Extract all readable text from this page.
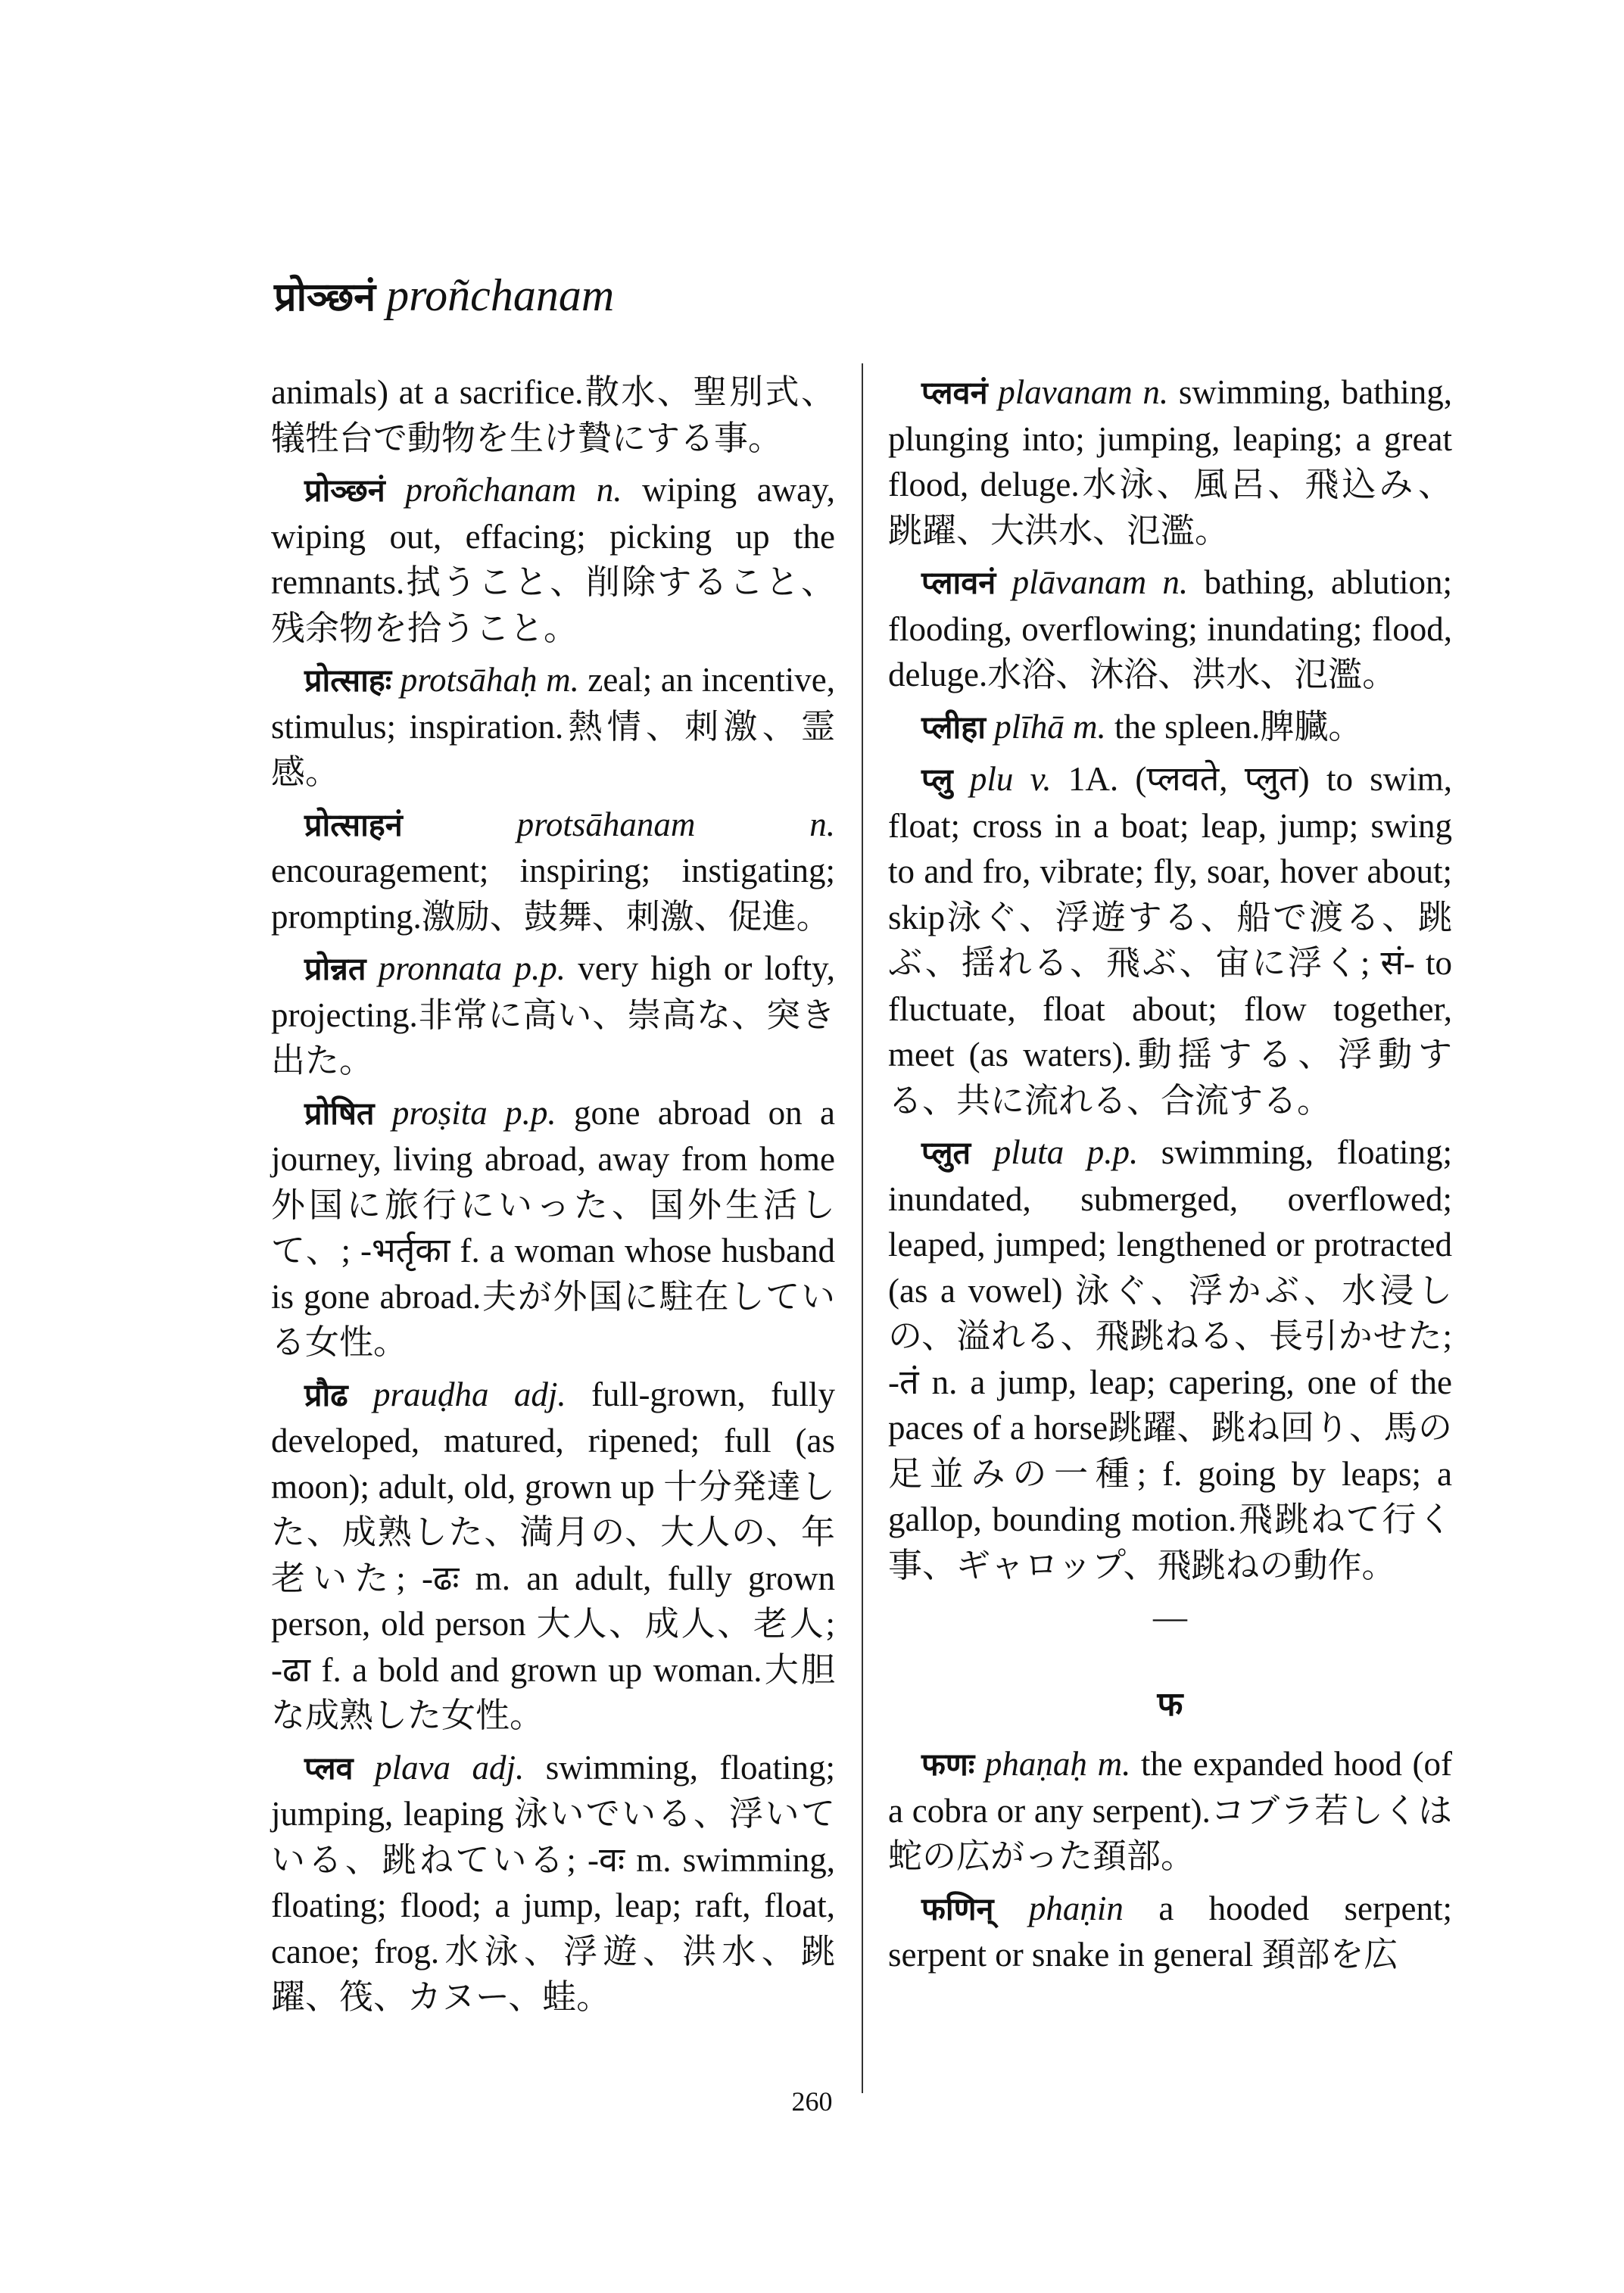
प्रोञ्छनं proñchanam

animals) at a sacrifice.散水、聖別式、犠牲台で動物を生け贄にする事。

प्रोञ्छनं proñchanam n. wiping away, wiping out, effacing; picking up the remnants.拭うこと、削除すること、残余物を拾うこと。

प्रोत्साहः protsāhaḥ m. zeal; an incentive, stimulus; inspiration.熱情、刺激、霊感。

प्रोत्साहनं	protsāhanam n. encouragement; inspiring; instigating; prompting.激励、鼓舞、刺激、促進。

प्रोन्नत pronnata p.p. very high or lofty, projecting.非常に高い、崇高な、突き出た。

प्रोषित proṣita p.p. gone abroad on a journey, living abroad, away from home 外国に旅行にいった、国外生活して、; -भर्तृका f. a woman whose husband is gone abroad.夫が外国に駐在している女性。

प्रौढ prauḍha adj. full-grown, fully developed, matured, ripened; full (as moon); adult, old, grown up 十分発達した、成熟した、満月の、大人の、年老いた; -ढः m. an adult, fully grown person, old person 大人、成人、老人; -ढा f. a bold and grown up woman.大胆な成熟した女性。

प्लव plava adj. swimming, floating; jumping, leaping 泳いでいる、浮いている、跳ねている; -वः m. swimming, floating; flood; a jump, leap; raft, float, canoe; frog.水泳、浮遊、洪水、跳躍、筏、カヌー、蛙。

प्लवनं plavanam n. swimming, bathing, plunging into; jumping, leaping; a great flood, deluge.水泳、風呂、飛込み、跳躍、大洪水、氾濫。

प्लावनं plāvanam n. bathing, ablution; flooding, overflowing; inundating; flood, deluge.水浴、沐浴、洪水、氾濫。

प्लीहा plīhā m. the spleen.脾臓。

प्लु plu v. 1A. (प्लवते, प्लुत) to swim, float; cross in a boat; leap, jump; swing to and fro, vibrate; fly, soar, hover about; skip泳ぐ、浮遊する、船で渡る、跳ぶ、揺れる、飛ぶ、宙に浮く; सं- to fluctuate, float about; flow together, meet (as waters).動揺する、浮動する、共に流れる、合流する。

प्लुत pluta p.p. swimming, floating; inundated, submerged, overflowed; leaped, jumped; lengthened or protracted (as a vowel) 泳ぐ、浮かぶ、水浸しの、溢れる、飛跳ねる、長引かせた; -तं n. a jump, leap; capering, one of the paces of a horse跳躍、跳ね回り、馬の足並みの一種; f. going by leaps; a gallop, bounding motion.飛跳ねて行く事、ギャロップ、飛跳ねの動作。

—
फ

फणः phaṇaḥ m. the expanded hood (of a cobra or any serpent).コブラ若しくは蛇の広がった頚部。

फणिन् phaṇin a hooded serpent; serpent or snake in general 頚部を広

260
